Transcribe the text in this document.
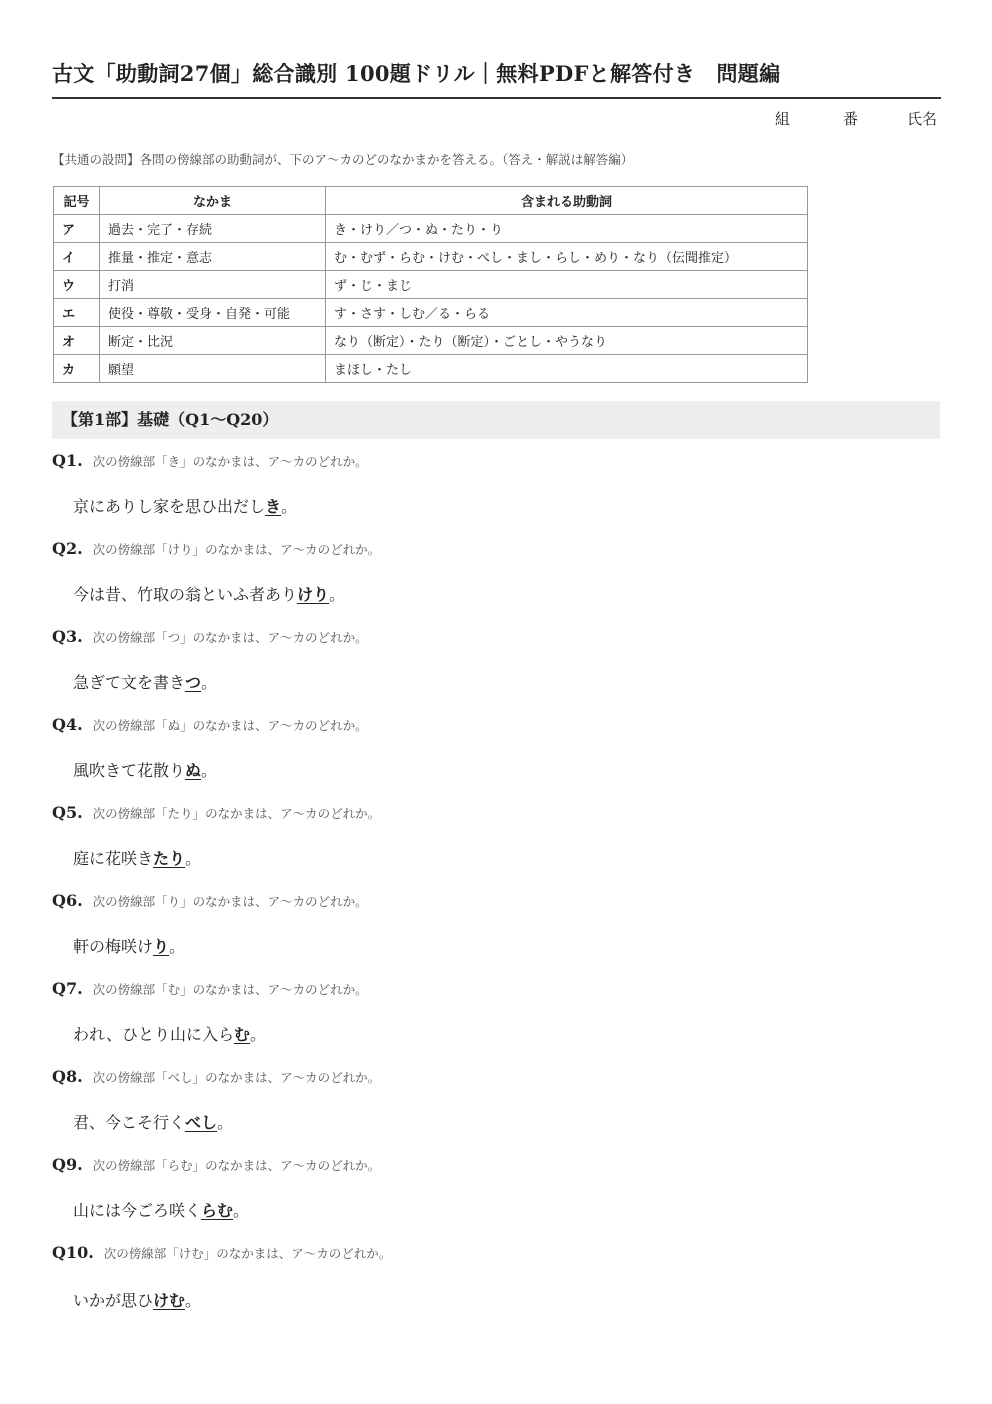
古文「助動詞27個」総合識別 100題ドリル｜無料PDFと解答付き　問題編
組	番	氏名
【共通の設問】各問の傍線部の助動詞が、下のア〜カのどのなかまかを答える。（答え・解説は解答編）
記号	なかま	含まれる助動詞
ア	過去・完了・存続	き・けり／つ・ぬ・たり・り
イ	推量・推定・意志	む・むず・らむ・けむ・べし・まし・らし・めり・なり（伝聞推定）
ウ	打消	ず・じ・まじ
エ	使役・尊敬・受身・自発・可能	す・さす・しむ／る・らる
オ	断定・比況	なり（断定）・たり（断定）・ごとし・やうなり
カ	願望	まほし・たし
【第1部】基礎（Q1〜Q20）
Q1. 次の傍線部「き」のなかまは、ア〜カのどれか。
京にありし家を思ひ出だしき。
Q2. 次の傍線部「けり」のなかまは、ア〜カのどれか。
今は昔、竹取の翁といふ者ありけり。
Q3. 次の傍線部「つ」のなかまは、ア〜カのどれか。
急ぎて文を書きつ。
Q4. 次の傍線部「ぬ」のなかまは、ア〜カのどれか。
風吹きて花散りぬ。
Q5. 次の傍線部「たり」のなかまは、ア〜カのどれか。
庭に花咲きたり。
Q6. 次の傍線部「り」のなかまは、ア〜カのどれか。
軒の梅咲けり。
Q7. 次の傍線部「む」のなかまは、ア〜カのどれか。
われ、ひとり山に入らむ。
Q8. 次の傍線部「べし」のなかまは、ア〜カのどれか。
君、今こそ行くべし。
Q9. 次の傍線部「らむ」のなかまは、ア〜カのどれか。
山には今ごろ咲くらむ。
Q10. 次の傍線部「けむ」のなかまは、ア〜カのどれか。
いかが思ひけむ。
